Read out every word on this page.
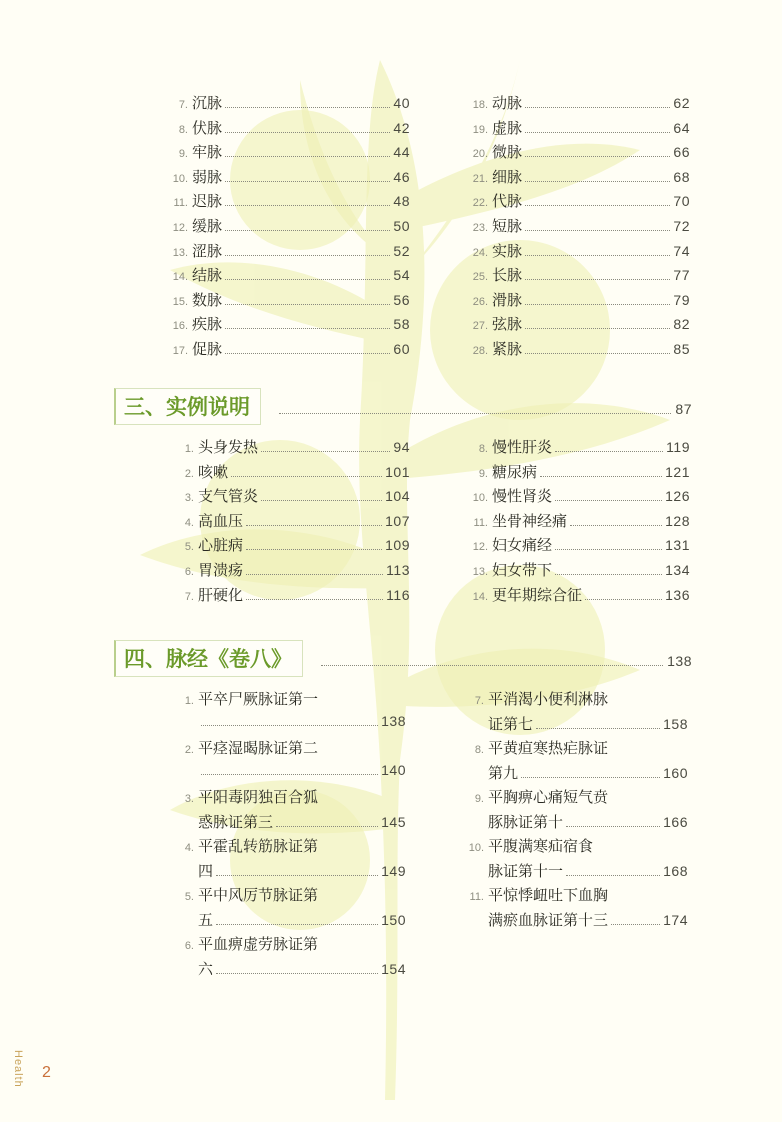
7. 沉脉	40
8. 伏脉	42
9. 牢脉	44
10. 弱脉	46
11. 迟脉	48
12. 缓脉	50
13. 涩脉	52
14. 结脉	54
15. 数脉	56
16. 疾脉	58
17. 促脉	60
18. 动脉	62
19. 虚脉	64
20. 微脉	66
21. 细脉	68
22. 代脉	70
23. 短脉	72
24. 实脉	74
25. 长脉	77
26. 滑脉	79
27. 弦脉	82
28. 紧脉	85
三、实例说明	87
1. 头身发热	94
2. 咳嗽	101
3. 支气管炎	104
4. 高血压	107
5. 心脏病	109
6. 胃溃疡	113
7. 肝硬化	116
8. 慢性肝炎	119
9. 糖尿病	121
10. 慢性肾炎	126
11. 坐骨神经痛	128
12. 妇女痛经	131
13. 妇女带下	134
14. 更年期综合征	136
四、脉经《卷八》	138
1. 平卒尸厥脉证第一
138
2. 平痉湿暍脉证第二
140
3. 平阳毒阴独百合狐
惑脉证第三	145
4. 平霍乱转筋脉证第
四	149
5. 平中风厉节脉证第
五	150
6. 平血痹虚劳脉证第
六	154
7. 平消渴小便利淋脉
证第七	158
8. 平黄疸寒热疟脉证
第九	160
9. 平胸痹心痛短气贲
豚脉证第十	166
10. 平腹满寒疝宿食
脉证第十一	168
11. 平惊悸衄吐下血胸
满瘀血脉证第十三	174
Health 2
